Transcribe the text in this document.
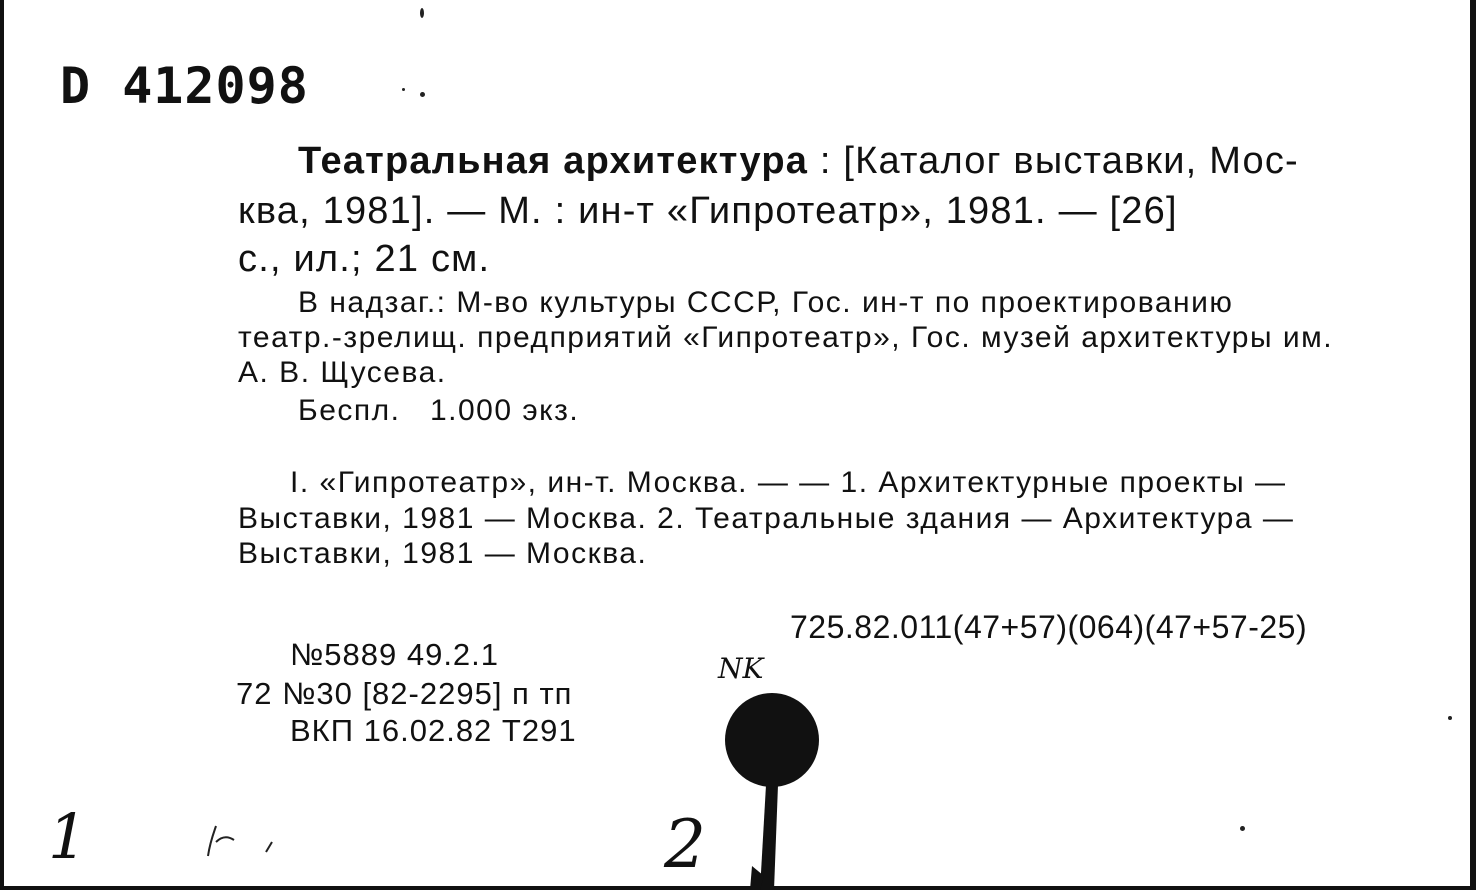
D 412098
Театральная архитектура : [Каталог выставки, Мос-
ква, 1981]. — М. : ин-т «Гипротеатр», 1981. — [26]
с., ил.; 21 см.
В надзаг.: М-во культуры СССР, Гос. ин-т по проектированию
театр.-зрелищ. предприятий «Гипротеатр», Гос. музей архитектуры им.
А. В. Щусева.
Беспл.   1.000 экз.
I. «Гипротеатр», ин-т. Москва. — — 1. Архитектурные проекты —
Выставки, 1981 — Москва. 2. Театральные здания — Архитектура —
Выставки, 1981 — Москва.
725.82.011(47+57)(064)(47+57-25)
№5889 49.2.1
72 №30 [82-2295] п тп
ВКП 16.02.82 Т291
NK
1	2
